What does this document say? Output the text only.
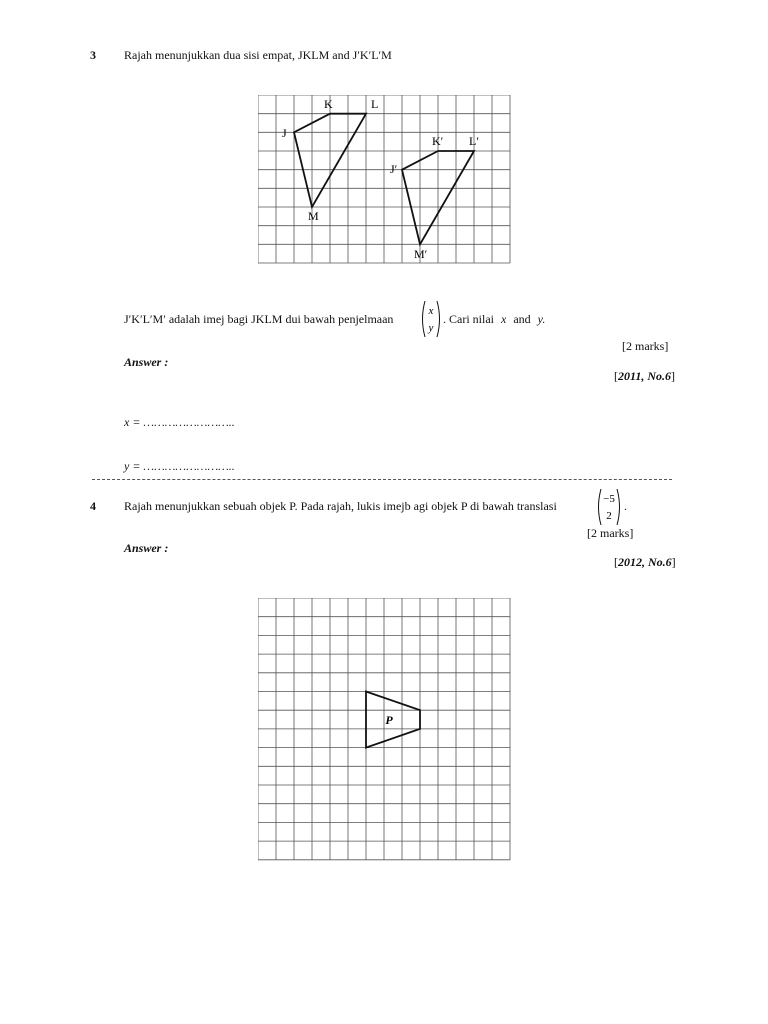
3 Rajah menunjukkan dua sisi empat, JKLM and J′K′L′M
K	L
J
M
K′ L′
J′
M′
J′K′L′M′ adalah imej bagi JKLM dui bawah penjelmaan
x
y
. Cari nilai x and y.
[2 marks]
Answer :
[2011, No.6]
x = ……………………..
y = ……………………..
4 Rajah menunjukkan sebuah objek P. Pada rajah, lukis imejb agi objek P di bawah translasi	−5
2
.
[2 marks]
Answer :
[2012, No.6]
P
